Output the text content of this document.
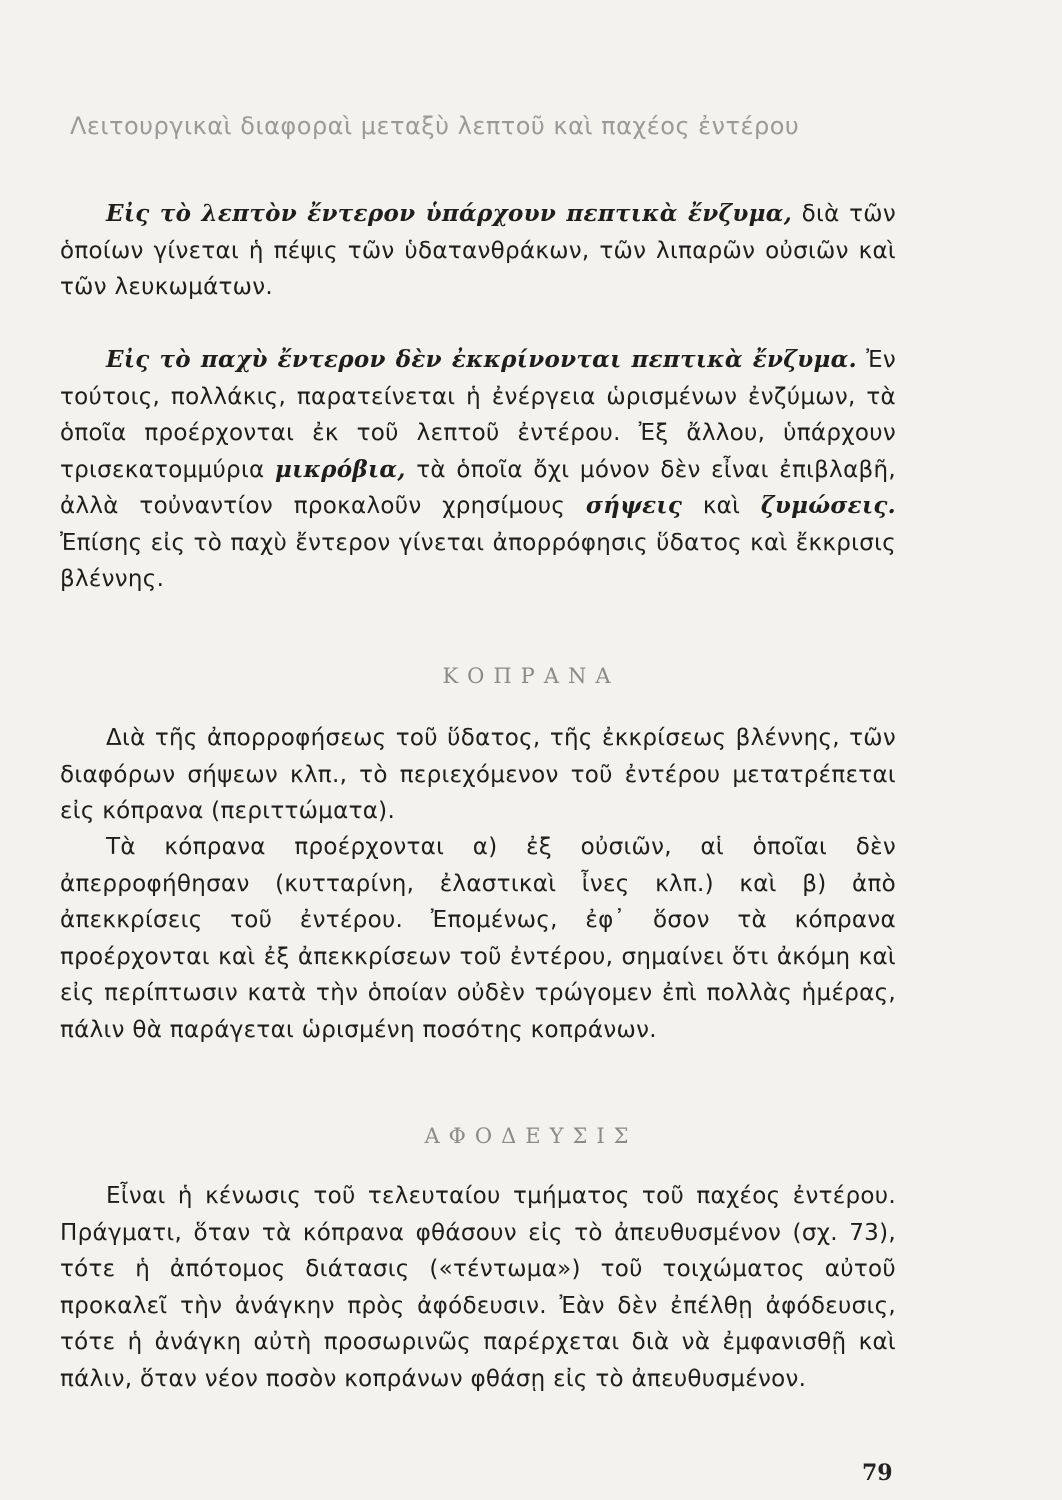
Λειτουργικαὶ διαφοραὶ μεταξὺ λεπτοῦ καὶ παχέος ἐντέρου
Εἰς τὸ λεπτὸν ἔντερον ὑπάρχουν πεπτικὰ ἔνζυμα, διὰ τῶν ὁποίων γίνεται ἡ πέψις τῶν ὑδατανθράκων, τῶν λιπαρῶν οὐσιῶν καὶ τῶν λευκωμάτων.
Εἰς τὸ παχὺ ἔντερον δὲν ἐκκρίνονται πεπτικὰ ἔνζυμα. Ἐν τούτοις, πολλάκις, παρατείνεται ἡ ἐνέργεια ὡρισμένων ἐνζύμων, τὰ ὁποῖα προέρχονται ἐκ τοῦ λεπτοῦ ἐντέρου. Ἐξ ἄλλου, ὑπάρχουν τρισεκατομμύρια μικρόβια, τὰ ὁποῖα ὄχι μόνον δὲν εἶναι ἐπιβλαβῆ, ἀλλὰ τοὐναντίον προκαλοῦν χρησίμους σήψεις καὶ ζυμώσεις. Ἐπίσης εἰς τὸ παχὺ ἔντερον γίνεται ἀπορρόφησις ὕδατος καὶ ἔκκρισις βλέννης.
ΚΟΠΡΑΝΑ
Διὰ τῆς ἀπορροφήσεως τοῦ ὕδατος, τῆς ἐκκρίσεως βλέννης, τῶν διαφόρων σήψεων κλπ., τὸ περιεχόμενον τοῦ ἐντέρου μετατρέπεται εἰς κόπρανα (περιττώματα).
Τὰ κόπρανα προέρχονται α) ἐξ οὐσιῶν, αἱ ὁποῖαι δὲν ἀπερροφήθησαν (κυτταρίνη, ἐλαστικαὶ ἶνες κλπ.) καὶ β) ἀπὸ ἀπεκκρίσεις τοῦ ἐντέρου. Ἐπομένως, ἐφ᾽ ὅσον τὰ κόπρανα προέρχονται καὶ ἐξ ἀπεκκρίσεων τοῦ ἐντέρου, σημαίνει ὅτι ἀκόμη καὶ εἰς περίπτωσιν κατὰ τὴν ὁποίαν οὐδὲν τρώγομεν ἐπὶ πολλὰς ἡμέρας, πάλιν θὰ παράγεται ὡρισμένη ποσότης κοπράνων.
ΑΦΟΔΕΥΣΙΣ
Εἶναι ἡ κένωσις τοῦ τελευταίου τμήματος τοῦ παχέος ἐντέρου. Πράγματι, ὅταν τὰ κόπρανα φθάσουν εἰς τὸ ἀπευθυσμένον (σχ. 73), τότε ἡ ἀπότομος διάτασις («τέντωμα») τοῦ τοιχώματος αὐτοῦ προκαλεῖ τὴν ἀνάγκην πρὸς ἀφόδευσιν. Ἐὰν δὲν ἐπέλθῃ ἀφόδευσις, τότε ἡ ἀνάγκη αὐτὴ προσωρινῶς παρέρχεται διὰ νὰ ἐμφανισθῇ καὶ πάλιν, ὅταν νέον ποσὸν κοπράνων φθάσῃ εἰς τὸ ἀπευθυσμένον.
79
